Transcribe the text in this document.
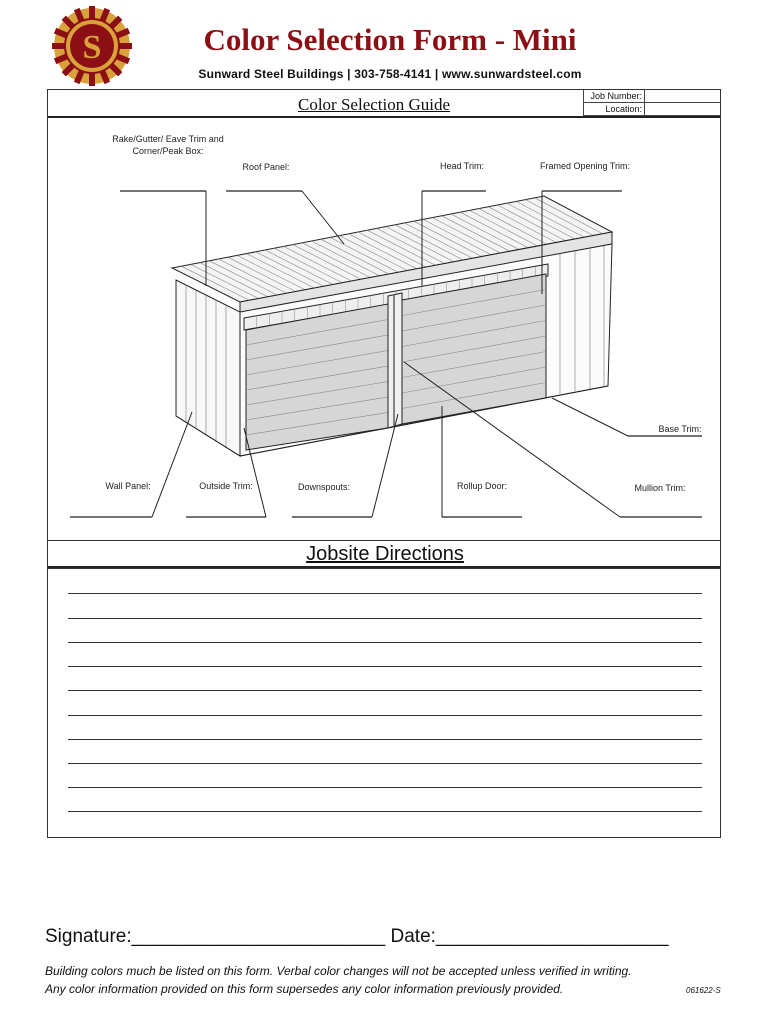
S	Color Selection Form - Mini
Sunward Steel Buildings | 303-758-4141 | www.sunwardsteel.com
Color Selection Guide	Job Number:
Location:
Rake/Gutter/ Eave Trim and Corner/Peak Box:
Roof Panel:	Head Trim:	Framed Opening Trim:
Base Trim:
Wall Panel:	Outside Trim:	Downspouts:	Rollup Door:	Mullion Trim:
Jobsite Directions
Signature:________________________ Date:______________________
Building colors much be listed on this form. Verbal color changes will not be accepted unless verified in writing.
Any color information provided on this form supersedes any color information previously provided.	061622-S
